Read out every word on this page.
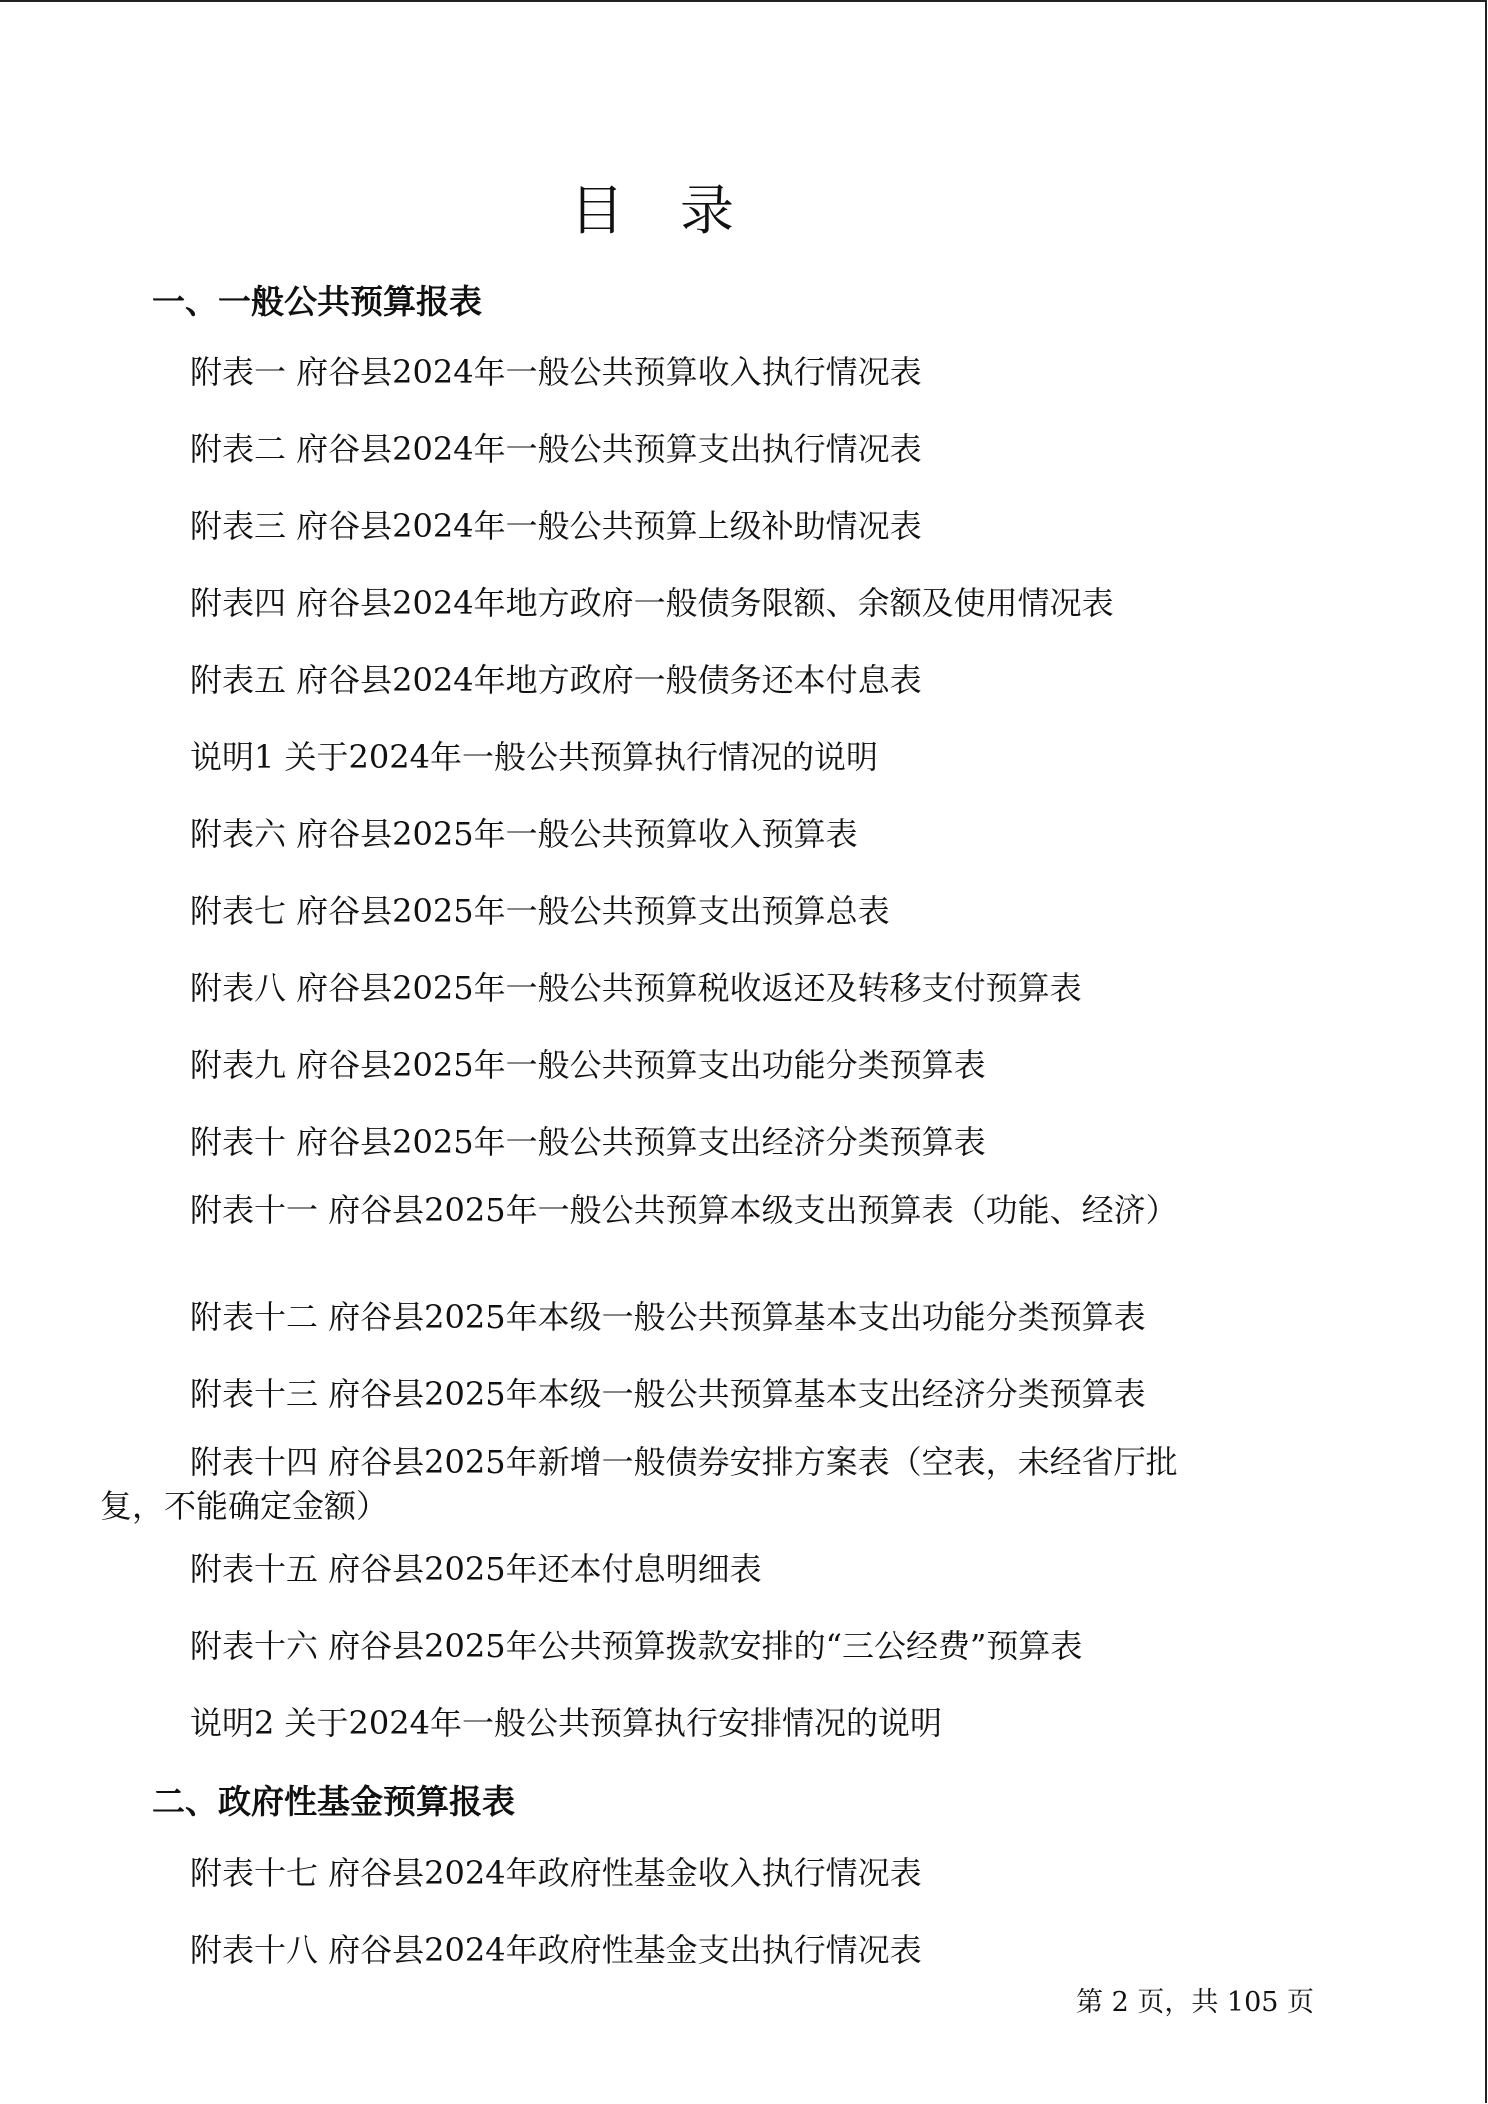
目录
一、一般公共预算报表
附表一 府谷县2024年一般公共预算收入执行情况表
附表二 府谷县2024年一般公共预算支出执行情况表
附表三 府谷县2024年一般公共预算上级补助情况表
附表四 府谷县2024年地方政府一般债务限额、余额及使用情况表
附表五 府谷县2024年地方政府一般债务还本付息表
说明1 关于2024年一般公共预算执行情况的说明
附表六 府谷县2025年一般公共预算收入预算表
附表七 府谷县2025年一般公共预算支出预算总表
附表八 府谷县2025年一般公共预算税收返还及转移支付预算表
附表九 府谷县2025年一般公共预算支出功能分类预算表
附表十 府谷县2025年一般公共预算支出经济分类预算表
附表十一 府谷县2025年一般公共预算本级支出预算表（功能、经济）
附表十二 府谷县2025年本级一般公共预算基本支出功能分类预算表
附表十三 府谷县2025年本级一般公共预算基本支出经济分类预算表
附表十四 府谷县2025年新增一般债券安排方案表（空表，未经省厅批复，不能确定金额）
附表十五 府谷县2025年还本付息明细表
附表十六 府谷县2025年公共预算拨款安排的“三公经费”预算表
说明2 关于2024年一般公共预算执行安排情况的说明
二、政府性基金预算报表
附表十七 府谷县2024年政府性基金收入执行情况表
附表十八 府谷县2024年政府性基金支出执行情况表
第 2 页，共 105 页
